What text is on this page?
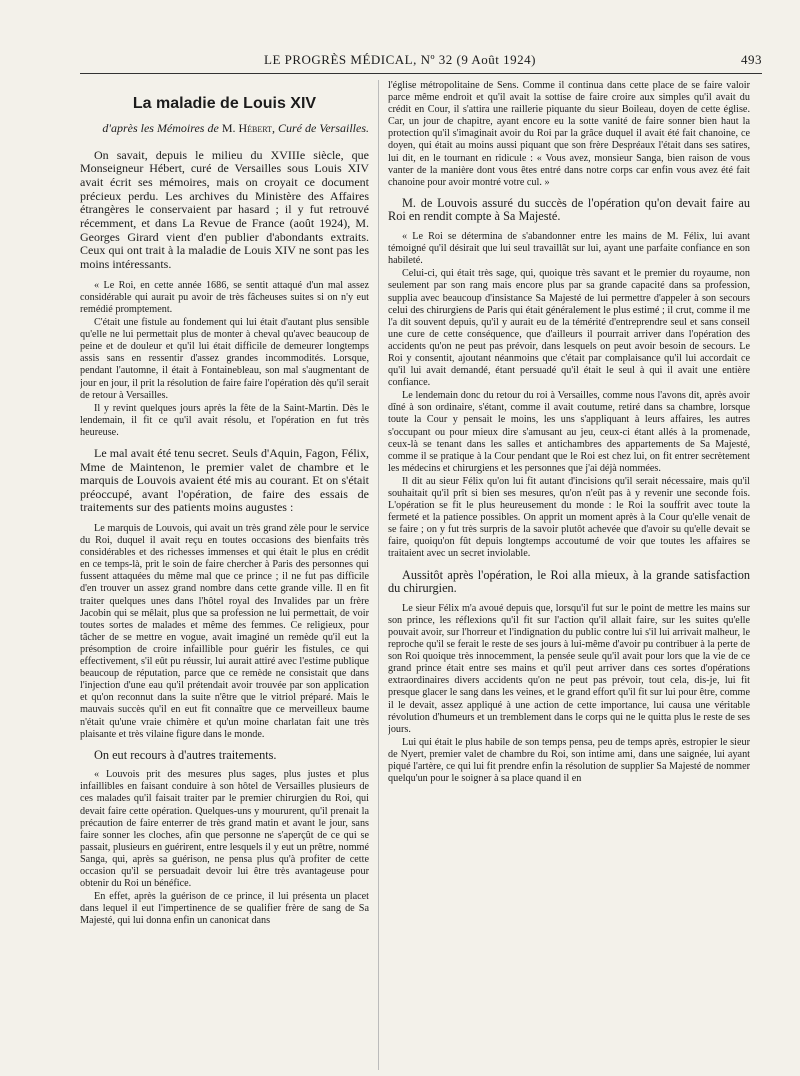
LE PROGRÈS MÉDICAL, Nº 32 (9 Août 1924)	493
La maladie de Louis XIV
d'après les Mémoires de M. Hébert, Curé de Versailles.

On savait, depuis le milieu du XVIIIe siècle, que Monseigneur Hébert, curé de Versailles sous Louis XIV avait écrit ses mémoires, mais on croyait ce document précieux perdu. Les archives du Ministère des Affaires étrangères le conservaient par hasard ; il y fut retrouvé récemment, et dans La Revue de France (août 1924), M. Georges Girard vient d'en publier d'abondants extraits. Ceux qui ont trait à la maladie de Louis XIV ne sont pas les moins intéressants.

« Le Roi, en cette année 1686, se sentit attaqué d'un mal assez considérable qui aurait pu avoir de très fâcheuses suites si on n'y eut remédié promptement.

C'était une fistule au fondement qui lui était d'autant plus sensible qu'elle ne lui permettait plus de monter à cheval qu'avec beaucoup de peine et de douleur et qu'il lui était difficile de demeurer longtemps assis sans en ressentir d'assez grandes incommodités. Lorsque, pendant l'automne, il était à Fontainebleau, son mal s'augmentant de jour en jour, il prit la résolution de faire faire l'opération dès qu'il serait de retour à Versailles.

Il y revint quelques jours après la fête de la Saint-Martin. Dès le lendemain, il fit ce qu'il avait résolu, et l'opération en fut très heureuse.

Le mal avait été tenu secret. Seuls d'Aquin, Fagon, Félix, Mme de Maintenon, le premier valet de chambre et le marquis de Louvois avaient été mis au courant. Et on s'était préoccupé, avant l'opération, de faire des essais de traitements sur des patients moins augustes :

Le marquis de Louvois, qui avait un très grand zèle pour le service du Roi, duquel il avait reçu en toutes occasions des bienfaits très considérables et des richesses immenses et qui était le plus en crédit en ce temps-là, prit le soin de faire chercher à Paris des personnes qui fussent attaquées du même mal que ce prince ; il ne fut pas difficile d'en trouver un assez grand nombre dans cette grande ville. Il en fit traiter quelques unes dans l'hôtel royal des Invalides par un frère Jacobin qui se mêlait, plus que sa profession ne lui permettait, de voir toutes sortes de malades et même des femmes. Ce religieux, pour tâcher de se mettre en vogue, avait imaginé un remède qu'il eut la présomption de croire infaillible pour guérir les fistules, ce qui effectivement, s'il eût pu réussir, lui aurait attiré avec l'estime publique beaucoup de réputation, parce que ce remède ne consistait que dans l'injection d'une eau qu'il prétendait avoir trouvée par son application et qu'on reconnut dans la suite n'être que le vitriol préparé. Mais le mauvais succès qu'il en eut fit connaître que ce merveilleux baume n'était qu'une vraie chimère et qu'un moine charlatan fait une très plaisante et très vilaine figure dans le monde.

On eut recours à d'autres traitements.

« Louvois prit des mesures plus sages, plus justes et plus infaillibles en faisant conduire à son hôtel de Versailles plusieurs de ces malades qu'il faisait traiter par le premier chirurgien du Roi, qui devait faire cette opération. Quelques-uns y moururent, qu'il prenait la précaution de faire enterrer de très grand matin et avant le jour, sans faire sonner les cloches, afin que personne ne s'aperçût de ce qui se passait, plusieurs en guérirent, entre lesquels il y eut un prêtre, nommé Sanga, qui, après sa guérison, ne pensa plus qu'à profiter de cette occasion qu'il se persuadait devoir lui être très avantageuse pour obtenir du Roi un bénéfice.

En effet, après la guérison de ce prince, il lui présenta un placet dans lequel il eut l'impertinence de se qualifier frère de sang de Sa Majesté, qui lui donna enfin un canonicat dans

l'église métropolitaine de Sens. Comme il continua dans cette place de se faire valoir parce même endroit et qu'il avait la sottise de faire croire aux simples qu'il avait du crédit en Cour, il s'attira une raillerie piquante du sieur Boileau, doyen de cette église. Car, un jour de chapitre, ayant encore eu la sotte vanité de faire sonner bien haut la protection qu'il s'imaginait avoir du Roi par la grâce duquel il avait été fait chanoine, ce doyen, qui était au moins aussi piquant que son frère Despréaux l'était dans ses satires, lui dit, en le tournant en ridicule : « Vous avez, monsieur Sanga, bien raison de vous vanter de la manière dont vous êtes entré dans notre corps car enfin vous avez été fait chanoine pour avoir montré votre cul. »

M. de Louvois assuré du succès de l'opération qu'on devait faire au Roi en rendit compte à Sa Majesté.

« Le Roi se détermina de s'abandonner entre les mains de M. Félix, lui avant témoigné qu'il désirait que lui seul travaillât sur lui, ayant une parfaite confiance en son habileté.

Celui-ci, qui était très sage, qui, quoique très savant et le premier du royaume, non seulement par son rang mais encore plus par sa grande capacité dans sa profession, supplia avec beaucoup d'insistance Sa Majesté de lui permettre d'appeler à son secours celui des chirurgiens de Paris qui était généralement le plus estimé ; il crut, comme il me l'a dit souvent depuis, qu'il y aurait eu de la témérité d'entreprendre seul et sans conseil une cure de cette conséquence, que d'ailleurs il pourrait arriver dans l'opération des accidents qu'on ne peut pas prévoir, dans lesquels on peut avoir besoin de secours. Le Roi y consentit, ajoutant néanmoins que c'était par complaisance qu'il lui accordait ce qu'il lui avait demandé, étant persuadé qu'il était le seul à qui il avait une entière confiance.

Le lendemain donc du retour du roi à Versailles, comme nous l'avons dit, après avoir dîné à son ordinaire, s'étant, comme il avait coutume, retiré dans sa chambre, lorsque toute la Cour y pensait le moins, les uns s'appliquant à leurs affaires, les autres s'occupant ou pour mieux dire s'amusant au jeu, ceux-ci étant allés à la promenade, ceux-là se tenant dans les salles et antichambres des appartements de Sa Majesté, comme il se pratique à la Cour pendant que le Roi est chez lui, on fit entrer secrètement les médecins et chirurgiens et les personnes que j'ai déjà nommées.

Il dit au sieur Félix qu'on lui fit autant d'incisions qu'il serait nécessaire, mais qu'il souhaitait qu'il prît si bien ses mesures, qu'on n'eût pas à y revenir une seconde fois. L'opération se fit le plus heureusement du monde : le Roi la souffrit avec toute la fermeté et la patience possibles. On apprit un moment après à la Cour qu'elle venait de se faire ; on y fut très surpris de la savoir plutôt achevée que d'avoir su qu'elle devait se faire, quoiqu'on fût depuis longtemps accoutumé de voir que toutes les affaires se traitaient avec un secret inviolable.

Aussitôt après l'opération, le Roi alla mieux, à la grande satisfaction du chirurgien.

Le sieur Félix m'a avoué depuis que, lorsqu'il fut sur le point de mettre les mains sur son prince, les réflexions qu'il fit sur l'action qu'il allait faire, sur les suites qu'elle pouvait avoir, sur l'horreur et l'indignation du public contre lui s'il lui arrivait malheur, le reproche qu'il se ferait le reste de ses jours à lui-même d'avoir pu contribuer à la perte de son Roi quoique très innocemment, la pensée seule qu'il avait pour lors que la vie de ce grand prince était entre ses mains et qu'il peut arriver dans ces sortes d'opérations extraordinaires divers accidents qu'on ne peut pas prévoir, tout cela, dis-je, lui fit presque glacer le sang dans les veines, et le grand effort qu'il fit sur lui pour être, comme il le devait, assez appliqué à une action de cette importance, lui causa une véritable révolution d'humeurs et un tremblement dans le corps qui ne le quitta plus le reste de ses jours.

Lui qui était le plus habile de son temps pensa, peu de temps après, estropier le sieur de Nyert, premier valet de chambre du Roi, son intime ami, dans une saignée, lui ayant piqué l'artère, ce qui lui fit prendre enfin la résolution de supplier Sa Majesté de nommer quelqu'un pour le soigner à sa place quand il en
